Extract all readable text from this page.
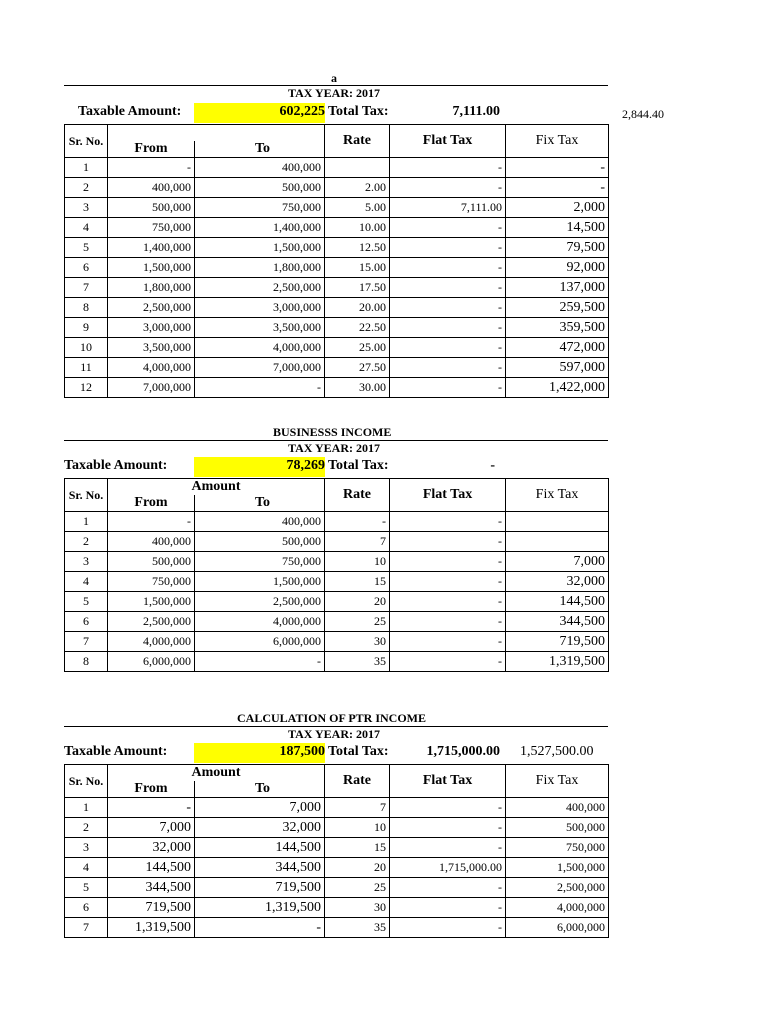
a
TAX YEAR: 2017
Taxable Amount:	602,225 Total Tax:	7,111.00	2,844.40
Sr. No.			Rate	Flat Tax	Fix Tax
	From	To			
1	-	400,000		-	-
2	400,000	500,000	2.00	-	-
3	500,000	750,000	5.00	7,111.00	2,000
4	750,000	1,400,000	10.00	-	14,500
5	1,400,000	1,500,000	12.50	-	79,500
6	1,500,000	1,800,000	15.00	-	92,000
7	1,800,000	2,500,000	17.50	-	137,000
8	2,500,000	3,000,000	20.00	-	259,500
9	3,000,000	3,500,000	22.50	-	359,500
10	3,500,000	4,000,000	25.00	-	472,000
11	4,000,000	7,000,000	27.50	-	597,000
12	7,000,000	-	30.00	-	1,422,000
BUSINESSS INCOME
TAX YEAR: 2017
Taxable Amount:	78,269 Total Tax:	-
Sr. No.	Amount		Rate	Flat Tax	Fix Tax
	From	To			
1	-	400,000	-	-	
2	400,000	500,000	7	-	
3	500,000	750,000	10	-	7,000
4	750,000	1,500,000	15	-	32,000
5	1,500,000	2,500,000	20	-	144,500
6	2,500,000	4,000,000	25	-	344,500
7	4,000,000	6,000,000	30	-	719,500
8	6,000,000	-	35	-	1,319,500
CALCULATION OF PTR INCOME
TAX YEAR: 2017
Taxable Amount:	187,500 Total Tax:	1,715,000.00 1,527,500.00
Sr. No.	Amount		Rate	Flat Tax	Fix Tax
	From	To			
1	-	7,000	7	-	400,000
2	7,000	32,000	10	-	500,000
3	32,000	144,500	15	-	750,000
4	144,500	344,500	20	1,715,000.00	1,500,000
5	344,500	719,500	25	-	2,500,000
6	719,500	1,319,500	30	-	4,000,000
7	1,319,500	-	35	-	6,000,000
